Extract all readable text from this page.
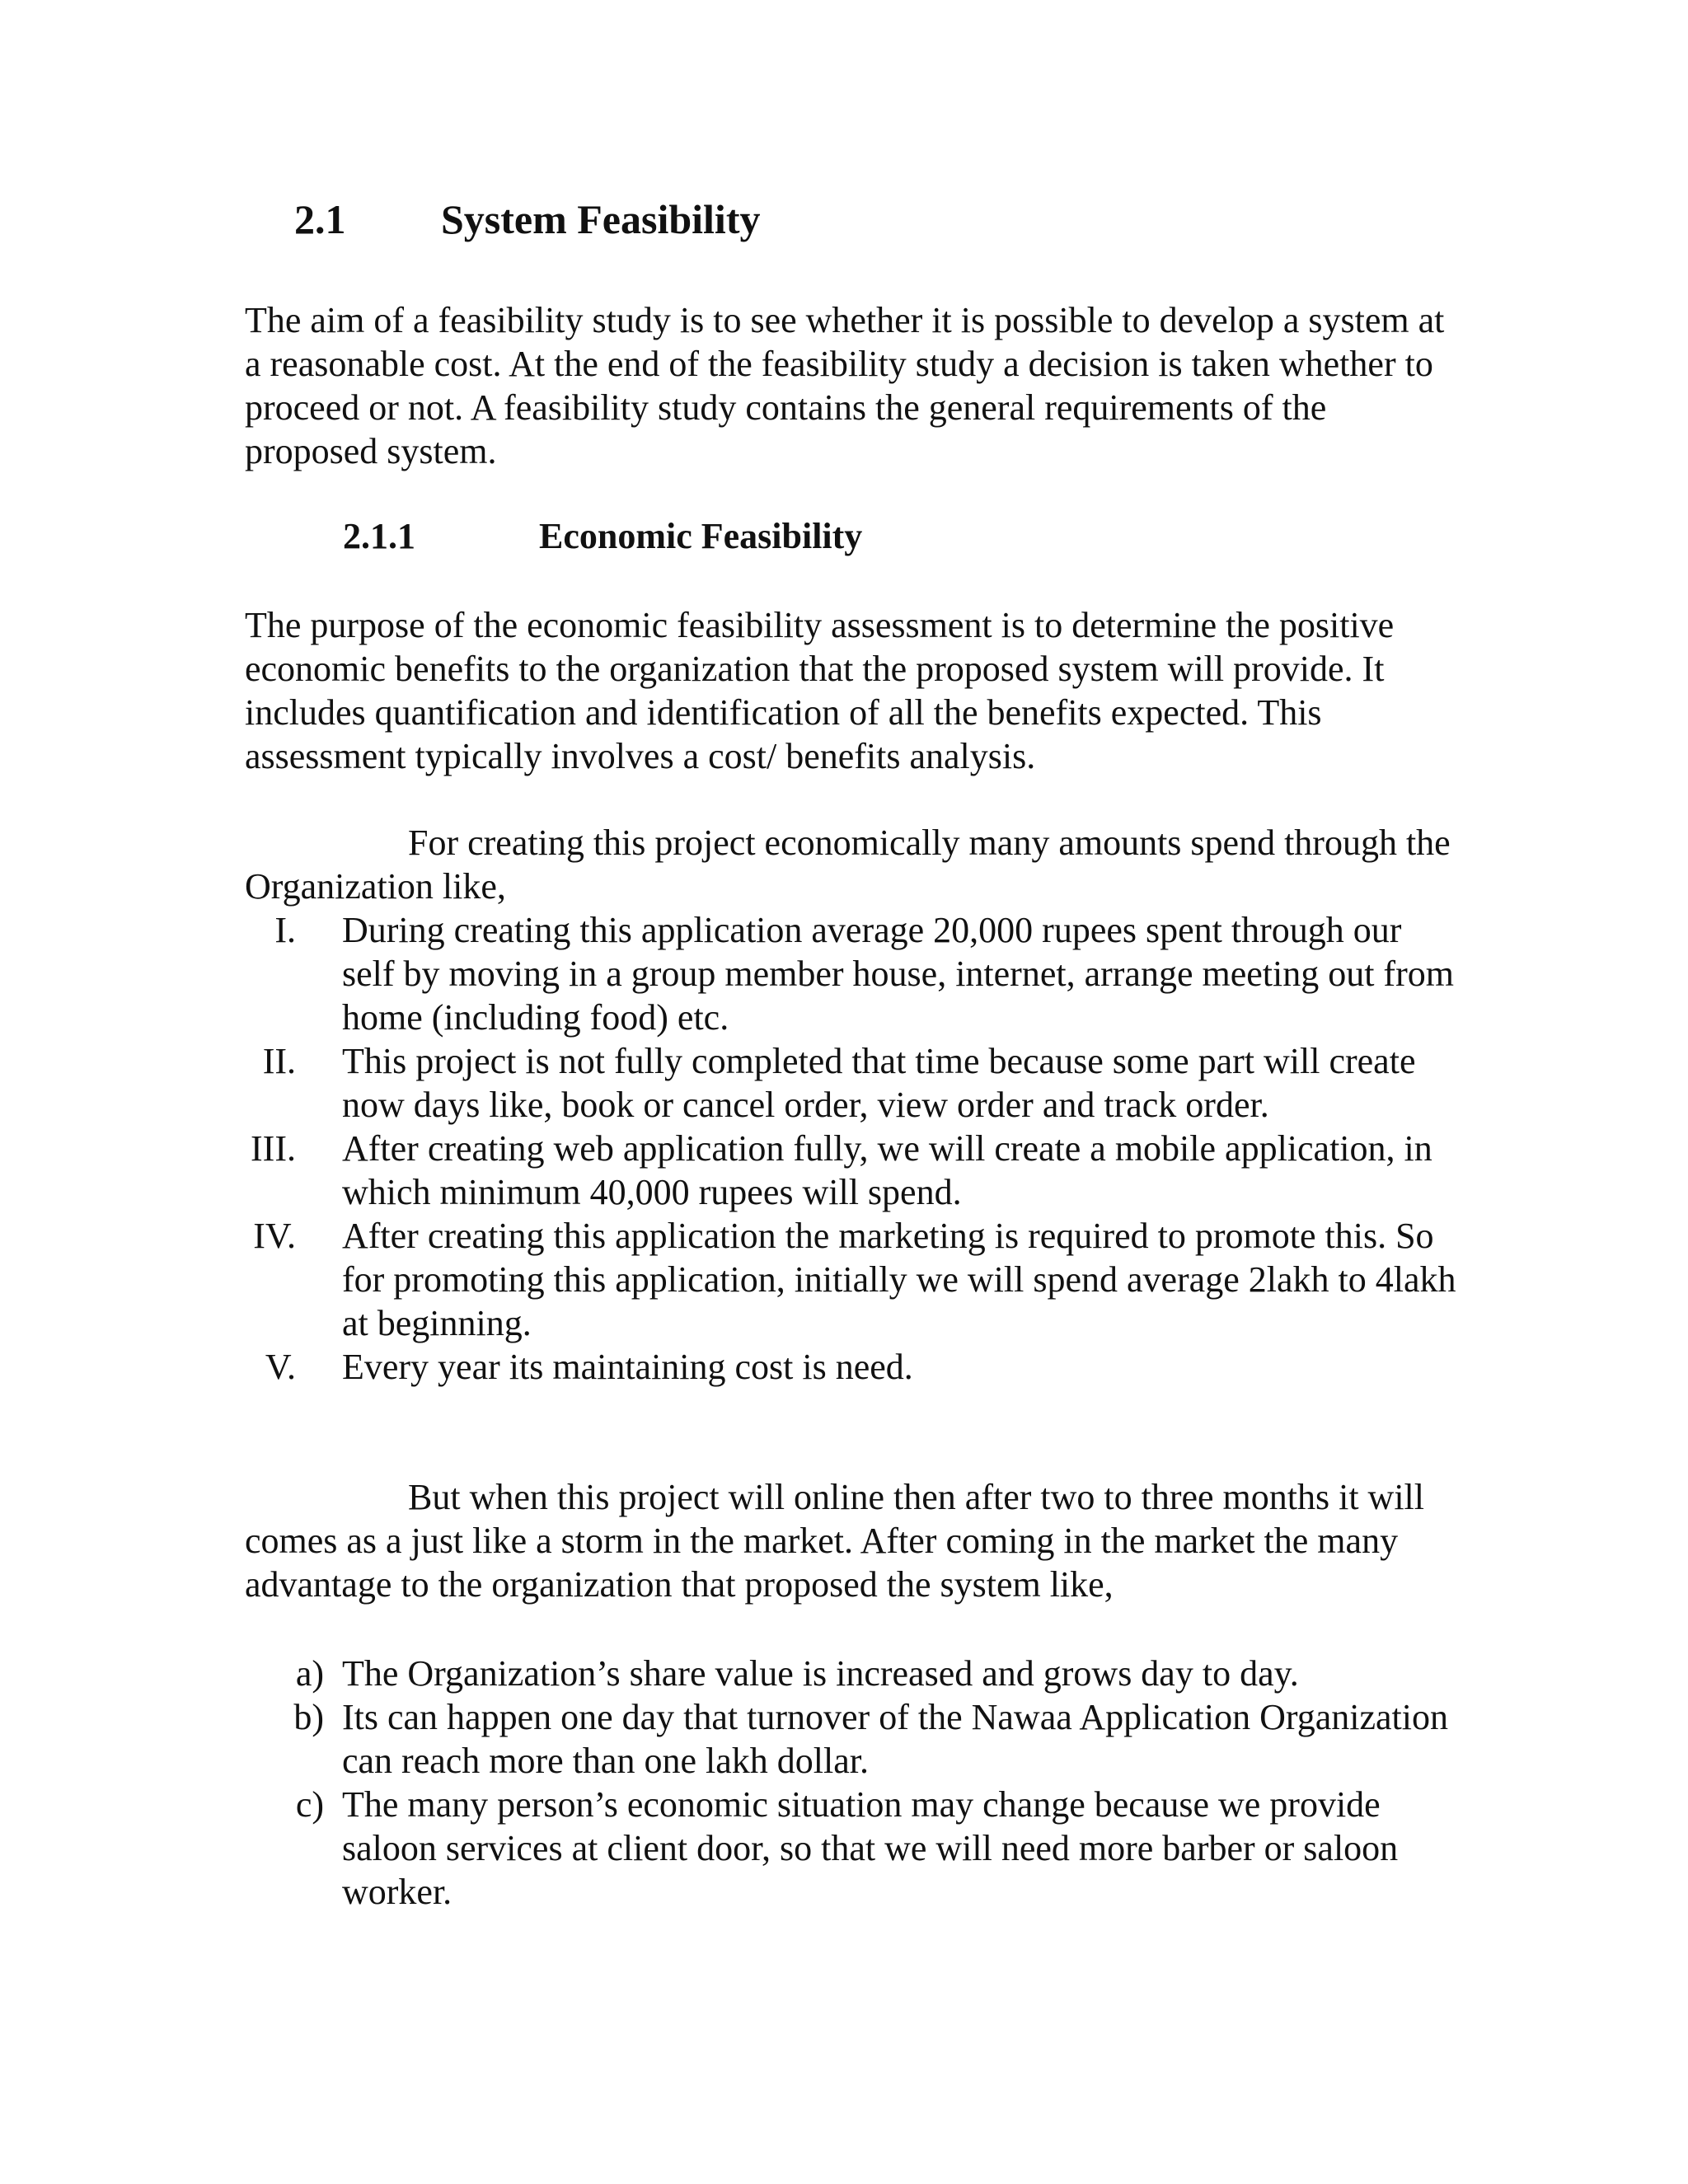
2.1 System Feasibility

The aim of a feasibility study is to see whether it is possible to develop a system at
a reasonable cost. At the end of the feasibility study a decision is taken whether to
proceed or not. A feasibility study contains the general requirements of the
proposed system.

2.1.1	Economic Feasibility

The purpose of the economic feasibility assessment is to determine the positive
economic benefits to the organization that the proposed system will provide. It
includes quantification and identification of all the benefits expected. This
assessment typically involves a cost/ benefits analysis.

For creating this project economically many amounts spend through the
Organization like,

I. During creating this application average 20,000 rupees spent through our
self by moving in a group member house, internet, arrange meeting out from
home (including food) etc.
II. This project is not fully completed that time because some part will create
now days like, book or cancel order, view order and track order.
III. After creating web application fully, we will create a mobile application, in
which minimum 40,000 rupees will spend.
IV. After creating this application the marketing is required to promote this. So
for promoting this application, initially we will spend average 2lakh to 4lakh
at beginning.
V. Every year its maintaining cost is need.

But when this project will online then after two to three months it will
comes as a just like a storm in the market. After coming in the market the many
advantage to the organization that proposed the system like,

a) The Organization’s share value is increased and grows day to day.
b) Its can happen one day that turnover of the Nawaa Application Organization
can reach more than one lakh dollar.
c) The many person’s economic situation may change because we provide
saloon services at client door, so that we will need more barber or saloon
worker.
